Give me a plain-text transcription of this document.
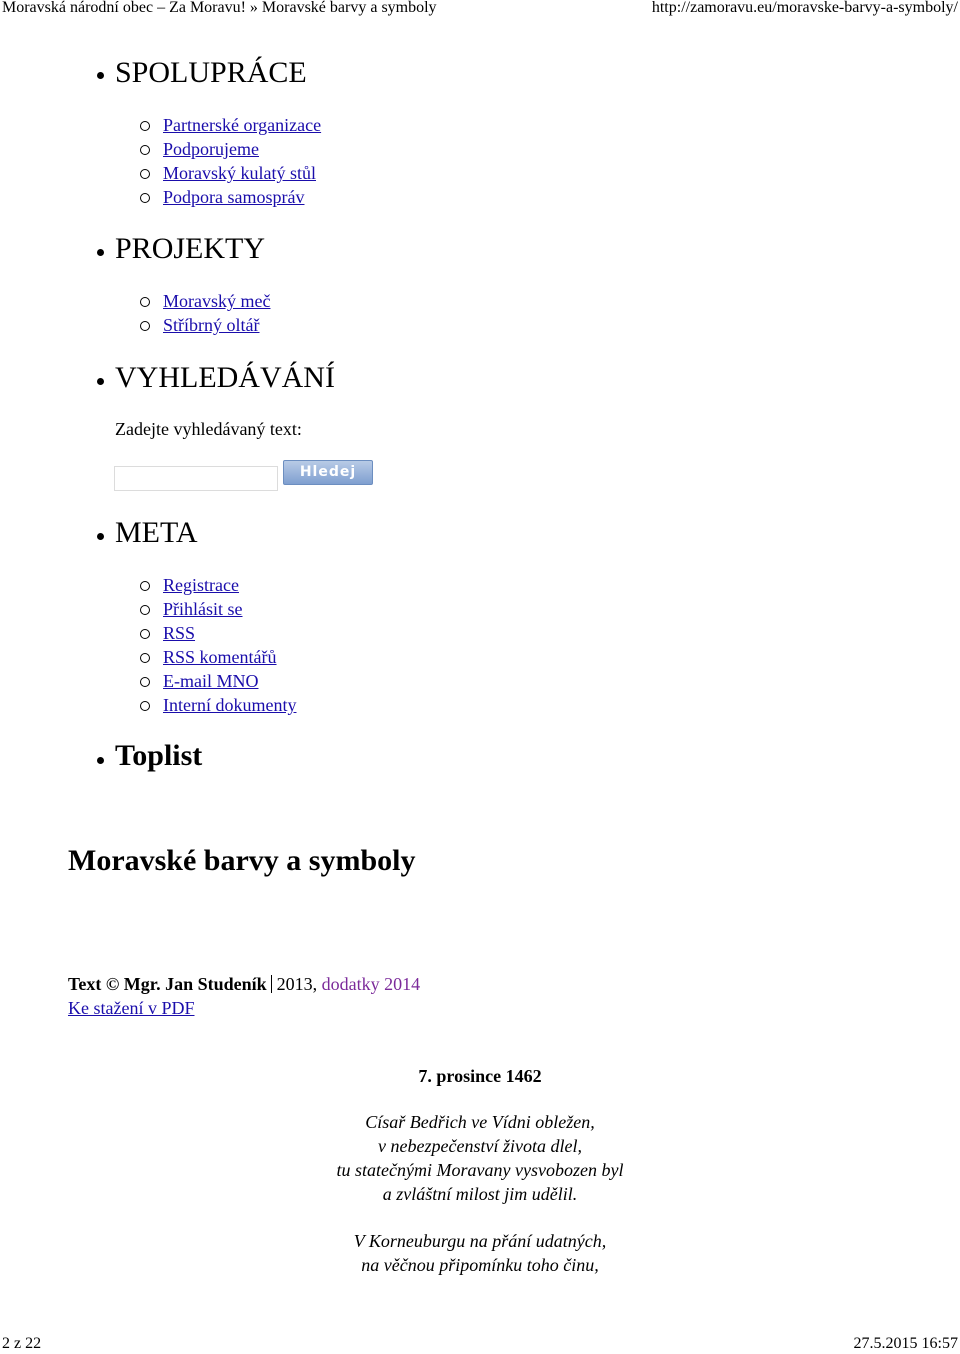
Moravská národní obec – Za Moravu! » Moravské barvy a symboly	http://zamoravu.eu/moravske-barvy-a-symboly/
SPOLUPRÁCE
Partnerské organizace
Podporujeme
Moravský kulatý stůl
Podpora samospráv
PROJEKTY
Moravský meč
Stříbrný oltář
VYHLEDÁVÁNÍ
Zadejte vyhledávaný text:
Hledej
META
Registrace
Přihlásit se
RSS
RSS komentářů
E-mail MNO
Interní dokumenty
Toplist
Moravské barvy a symboly
Text © Mgr. Jan Studeník 2013, dodatky 2014
Ke stažení v PDF
7. prosince 1462
Císař Bedřich ve Vídni obležen,
v nebezpečenství života dlel,
tu statečnými Moravany vysvobozen byl
a zvláštní milost jim udělil.
V Korneuburgu na přání udatných,
na věčnou připomínku toho činu,
2 z 22	27.5.2015 16:57
